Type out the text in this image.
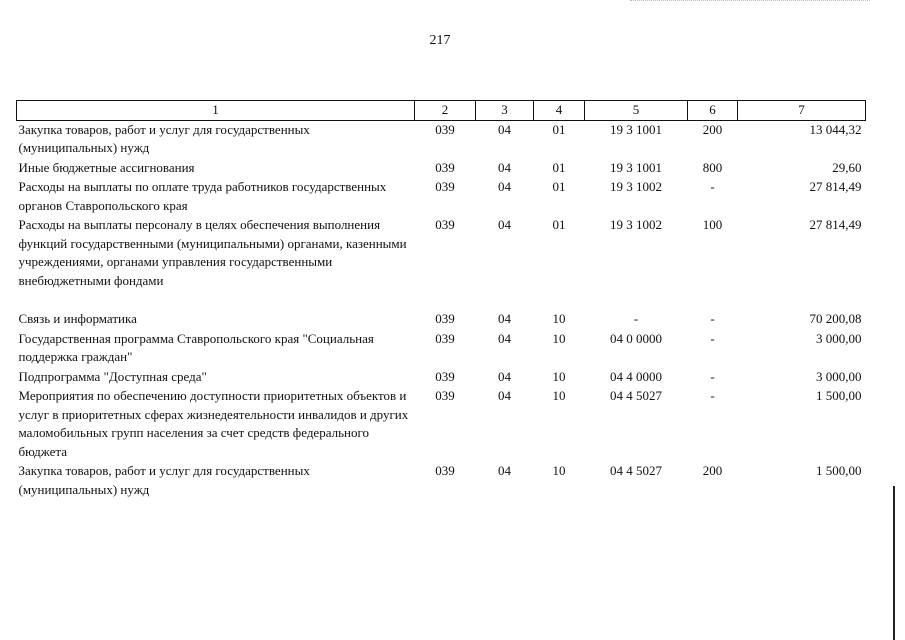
217
1	2	3	4	5	6	7
Закупка товаров, работ и услуг для государственных (муниципальных) нужд	039	04	01	19 3 1001	200	13 044,32
Иные бюджетные ассигнования	039	04	01	19 3 1001	800	29,60
Расходы на выплаты по оплате труда работников государственных органов Ставропольского края	039	04	01	19 3 1002	-	27 814,49
Расходы на выплаты персоналу в целях обеспечения выполнения функций государственными (муниципальными) органами, казенными учреждениями, органами управления государственными внебюджетными фондами	039	04	01	19 3 1002	100	27 814,49
Связь и информатика	039	04	10	-	-	70 200,08
Государственная программа Ставропольского края "Социальная поддержка граждан"	039	04	10	04 0 0000	-	3 000,00
Подпрограмма "Доступная среда"	039	04	10	04 4 0000	-	3 000,00
Мероприятия по обеспечению доступности приоритетных объектов и услуг в приоритетных сферах жизнедеятельности инвалидов и других маломобильных групп населения за счет средств федерального бюджета	039	04	10	04 4 5027	-	1 500,00
Закупка товаров, работ и услуг для государственных (муниципальных) нужд	039	04	10	04 4 5027	200	1 500,00
